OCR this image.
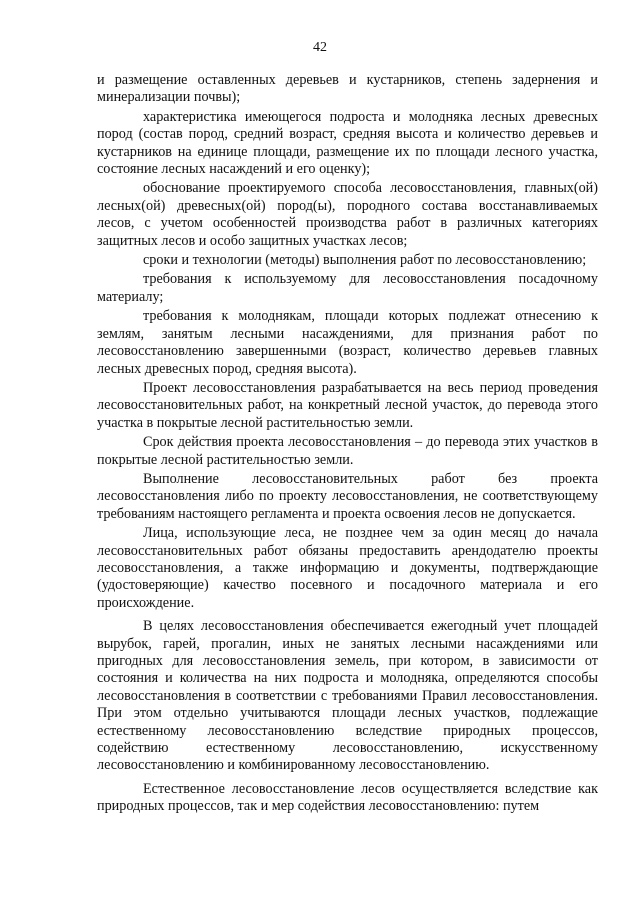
42

и размещение оставленных деревьев и кустарников, степень задернения и минерализации почвы);

характеристика имеющегося подроста и молодняка лесных древесных пород (состав пород, средний возраст, средняя высота и количество деревьев и кустарников на единице площади, размещение их по площади лесного участка, состояние лесных насаждений и его оценку);

обоснование проектируемого способа лесовосстановления, главных(ой) лесных(ой) древесных(ой) пород(ы), породного состава восстанавливаемых лесов, с учетом особенностей производства работ в различных категориях защитных лесов и особо защитных участках лесов;

сроки и технологии (методы) выполнения работ по лесовосстановлению;

требования к используемому для лесовосстановления посадочному материалу;

требования к молоднякам, площади которых подлежат отнесению к землям, занятым лесными насаждениями, для признания работ по лесовосстановлению завершенными (возраст, количество деревьев главных лесных древесных пород, средняя высота).

Проект лесовосстановления разрабатывается на весь период проведения лесовосстановительных работ, на конкретный лесной участок, до перевода этого участка в покрытые лесной растительностью земли.

Срок действия проекта лесовосстановления – до перевода этих участков в покрытые лесной растительностью земли.

Выполнение лесовосстановительных работ без проекта лесовосстановления либо по проекту лесовосстановления, не соответствующему требованиям настоящего регламента и проекта освоения лесов не допускается.

Лица, использующие леса, не позднее чем за один месяц до начала лесовосстановительных работ обязаны предоставить арендодателю проекты лесовосстановления, а также информацию и документы, подтверждающие (удостоверяющие) качество посевного и посадочного материала и его происхождение.

В целях лесовосстановления обеспечивается ежегодный учет площадей вырубок, гарей, прогалин, иных не занятых лесными насаждениями или пригодных для лесовосстановления земель, при котором, в зависимости от состояния и количества на них подроста и молодняка, определяются способы лесовосстановления в соответствии с требованиями Правил лесовосстановления. При этом отдельно учитываются площади лесных участков, подлежащие естественному лесовосстановлению вследствие природных процессов, содействию естественному лесовосстановлению, искусственному лесовосстановлению и комбинированному лесовосстановлению.

Естественное лесовосстановление лесов осуществляется вследствие как природных процессов, так и мер содействия лесовосстановлению: путем
